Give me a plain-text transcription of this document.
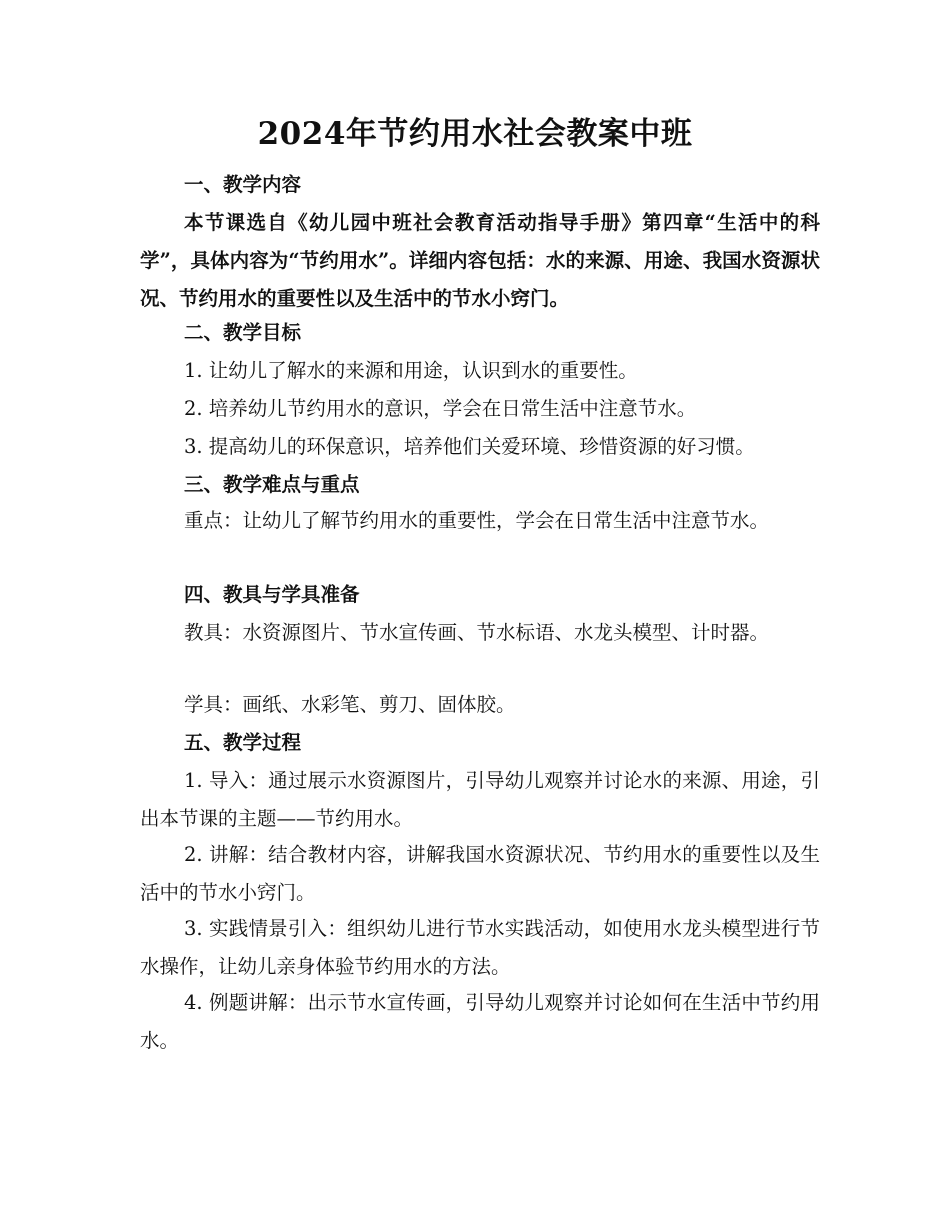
2024年节约用水社会教案中班

一、教学内容

本节课选自《幼儿园中班社会教育活动指导手册》第四章“生活中的科学”，具体内容为“节约用水”。详细内容包括：水的来源、用途、我国水资源状况、节约用水的重要性以及生活中的节水小窍门。

二、教学目标

1. 让幼儿了解水的来源和用途，认识到水的重要性。

2. 培养幼儿节约用水的意识，学会在日常生活中注意节水。

3. 提高幼儿的环保意识，培养他们关爱环境、珍惜资源的好习惯。

三、教学难点与重点

重点：让幼儿了解节约用水的重要性，学会在日常生活中注意节水。

四、教具与学具准备

教具：水资源图片、节水宣传画、节水标语、水龙头模型、计时器。

学具：画纸、水彩笔、剪刀、固体胶。

五、教学过程

1. 导入：通过展示水资源图片，引导幼儿观察并讨论水的来源、用途，引出本节课的主题——节约用水。

2. 讲解：结合教材内容，讲解我国水资源状况、节约用水的重要性以及生活中的节水小窍门。

3. 实践情景引入：组织幼儿进行节水实践活动，如使用水龙头模型进行节水操作，让幼儿亲身体验节约用水的方法。

4. 例题讲解：出示节水宣传画，引导幼儿观察并讨论如何在生活中节约用水。
